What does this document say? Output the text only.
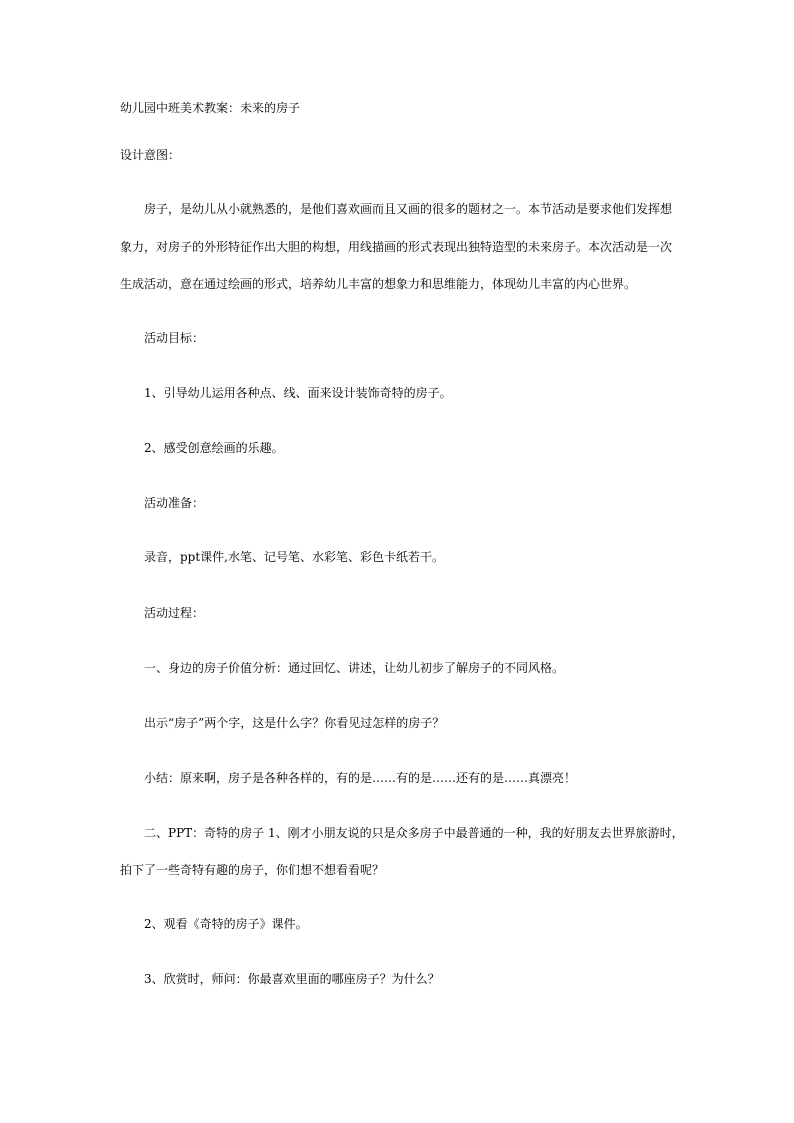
幼儿园中班美术教案：未来的房子

设计意图：

房子，是幼儿从小就熟悉的，是他们喜欢画而且又画的很多的题材之一。本节活动是要求他们发挥想

象力，对房子的外形特征作出大胆的构想，用线描画的形式表现出独特造型的未来房子。本次活动是一次

生成活动，意在通过绘画的形式，培养幼儿丰富的想象力和思维能力，体现幼儿丰富的内心世界。

活动目标：

1、引导幼儿运用各种点、线、面来设计装饰奇特的房子。

2、感受创意绘画的乐趣。

活动准备：

录音，ppt课件,水笔、记号笔、水彩笔、彩色卡纸若干。

活动过程：

一、身边的房子价值分析：通过回忆、讲述，让幼儿初步了解房子的不同风格。

出示“房子”两个字，这是什么字？你看见过怎样的房子？

小结：原来啊，房子是各种各样的，有的是……有的是……还有的是……真漂亮！

二、PPT：奇特的房子 1、刚才小朋友说的只是众多房子中最普通的一种，我的好朋友去世界旅游时，

拍下了一些奇特有趣的房子，你们想不想看看呢？

2、观看《奇特的房子》课件。

3、欣赏时，师问：你最喜欢里面的哪座房子？为什么？
